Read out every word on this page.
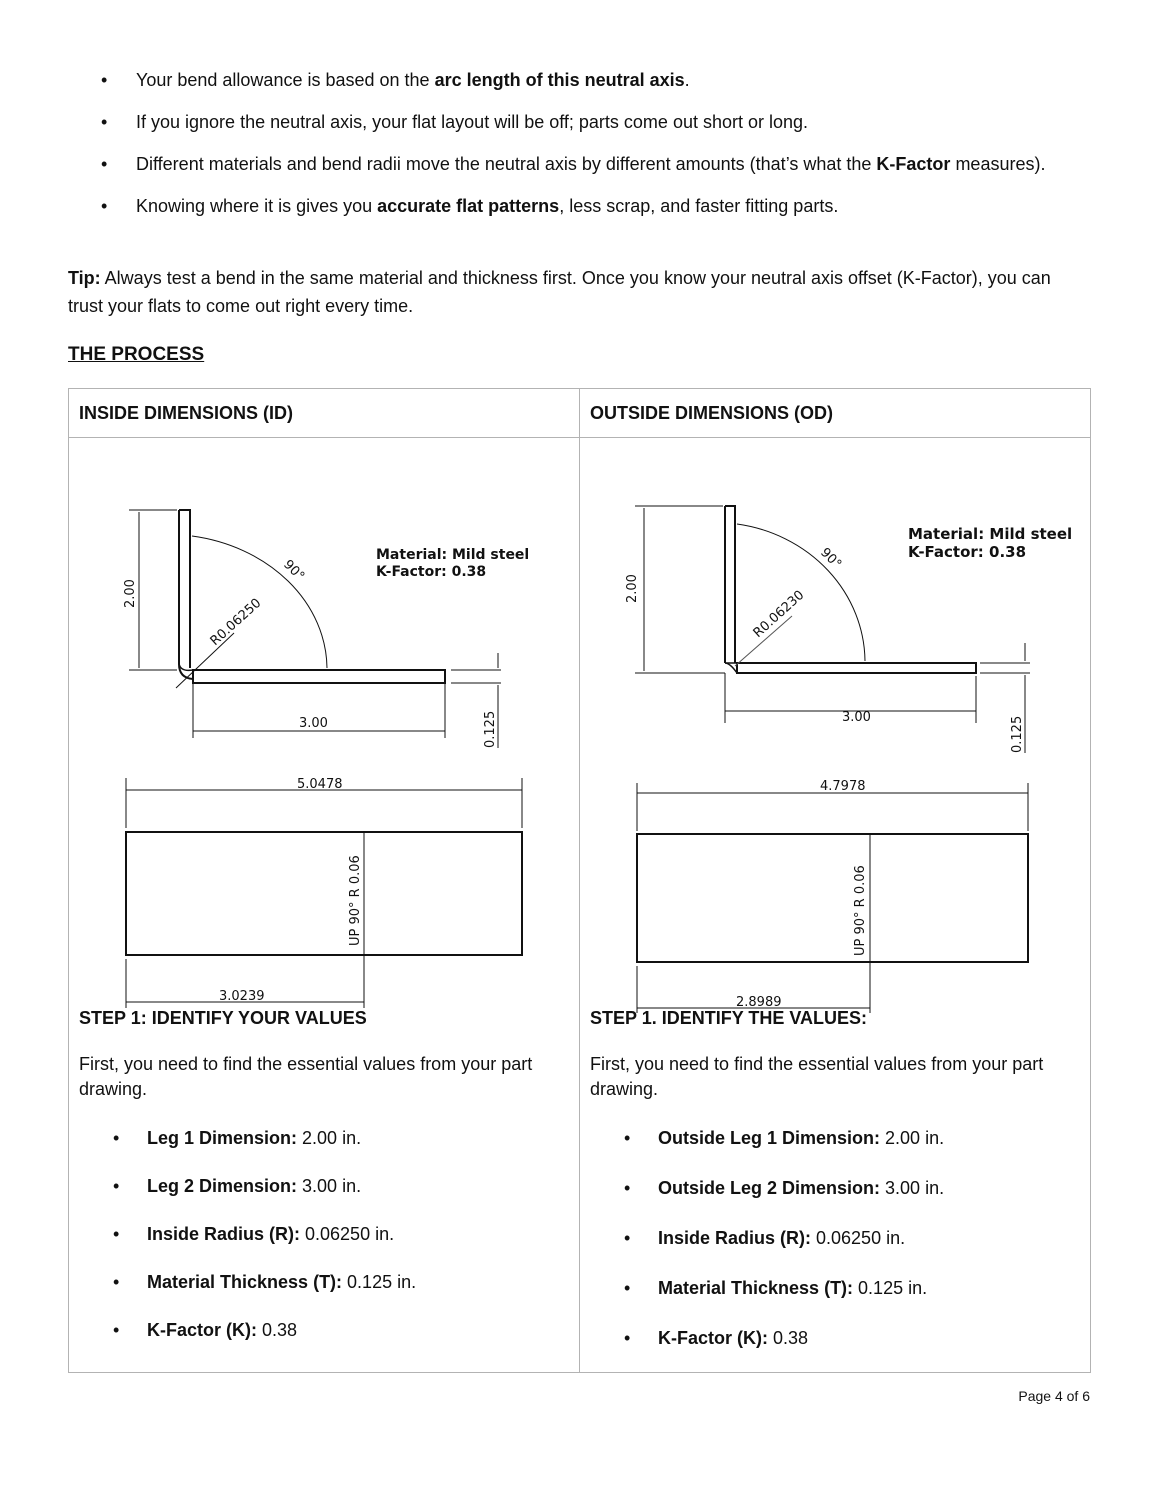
• Your bend allowance is based on the arc length of this neutral axis.
• If you ignore the neutral axis, your flat layout will be off; parts come out short or long.
• Different materials and bend radii move the neutral axis by different amounts (that’s what the K-Factor measures).
• Knowing where it is gives you accurate flat patterns, less scrap, and faster fitting parts.
Tip: Always test a bend in the same material and thickness first. Once you know your neutral axis offset (K-Factor), you can trust your flats to come out right every time.
THE PROCESS
INSIDE DIMENSIONS (ID)	OUTSIDE DIMENSIONS (OD)

Material: Mild steel
K-Factor: 0.38
2.00
90°
R0.06250
3.00	0.125
5.0478
UP 90° R 0.06
3.0239
STEP 1: IDENTIFY YOUR VALUES
First, you need to find the essential values from your part drawing.
• Leg 1 Dimension: 2.00 in.
• Leg 2 Dimension: 3.00 in.
• Inside Radius (R): 0.06250 in.
• Material Thickness (T): 0.125 in.
• K-Factor (K): 0.38

Material: Mild steel
K-Factor: 0.38
2.00
90°
R0.06230
3.00	0.125
4.7978
UP 90° R 0.06
2.8989
STEP 1. IDENTIFY THE VALUES:
First, you need to find the essential values from your part drawing.
• Outside Leg 1 Dimension: 2.00 in.
• Outside Leg 2 Dimension: 3.00 in.
• Inside Radius (R): 0.06250 in.
• Material Thickness (T): 0.125 in.
• K-Factor (K): 0.38
Page 4 of 6
